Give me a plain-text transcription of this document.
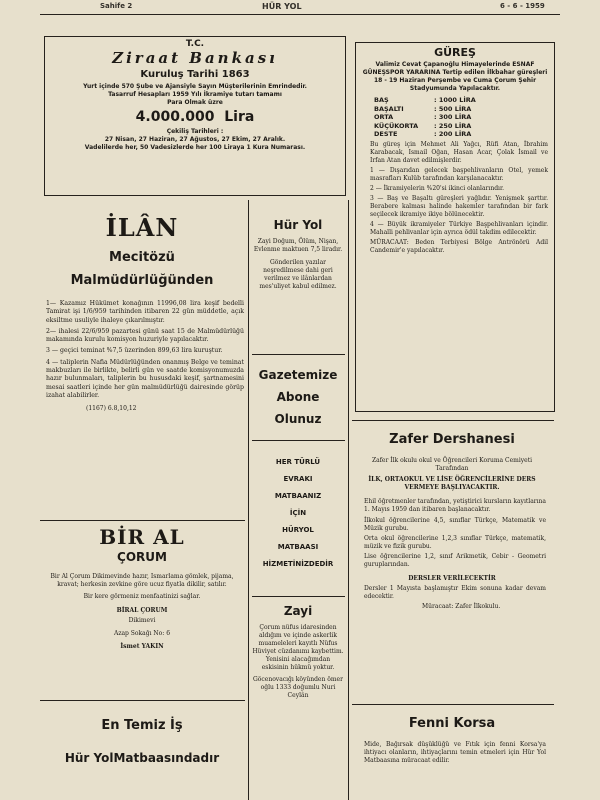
Sahife 2	HÜR YOL	6 - 6 - 1959
T.C.
Ziraat Bankası
Kuruluş Tarihi 1863
Yurt içinde 570 Şube ve Ajansiyle Sayın Müşterilerinin Emrindedir.
Tasarruf Hesapları 1959 Yılı İkramiye tutarı tamamı
Para Olmak üzre
4.000.000 Lira
Çekiliş Tarihleri :
27 Nisan, 27 Haziran, 27 Ağustos, 27 Ekim, 27 Aralık.
Vadelilerde her, 50 Vadesizlerde her 100 Liraya 1 Kura Numarası.
GÜREŞ
Valimiz Cevat Çapanoğlu Himayelerinde ESNAF GÜNEŞSPOR YARARINA Tertip edilen İlkbahar güreşleri 18 - 19 Haziran Perşembe ve Cuma Çorum Şehir Stadyumunda Yapılacaktır.
BAŞ	: 1000 LİRA
BAŞALTI	: 500 LİRA
ORTA	: 300 LİRA
KÜÇÜKORTA	: 250 LİRA
DESTE	: 200 LİRA
Bu güreş için Mehmet Ali Yağcı, Rüfi Atan, İbrahim Karabacak, Ismail Oğan, Hasan Acar, Çolak İsmail ve Irfan Atan davet edilmişlerdir.
1 — Dışarıdan gelecek başpehlivanların Otel, yemek masrafları Kulüb tarafından karşılanacaktır.
2 — İkramiyelerin %20'si ikinci olanlarındır.
3 — Baş ve Başaltı güreşleri yağlıdır. Yenişmek şarttır. Berabere kalması halinde hakemler tarafından bir fark seçilecek ikramiye ikiye bölünecektir.
4 — Büyük ikramiyeler Türkiye Başpehlivanları içindir. Mahalli pehlivanlar için ayrıca ödül takdim edilecektir.
MÜRACAAT: Beden Terbiyesi Bölge Antrönörü Adil Candemir'e yapılacaktır.
İLÂN
Mecitözü
Malmüdürlüğünden
1— Kazamız Hükümet konağının 11996,08 lira keşif bedelli Tamirat işi 1/6/959 tarihinden itibaren 22 gün müddetle, açık eksiltme usuliyle ihaleye çıkarılmıştır.
2— ihalesi 22/6/959 pazartesi günü saat 15 de Malmüdürlüğü makamında kurulu komisyon huzuriyle yapılacaktır.
3 — geçici teminat %7,5 üzerinden 899,63 lira kuruştur.
4 — taliplerin Nafia Müdürlüğünden onanmış Belge ve teminat makbuzları ile birlikte, belirli gün ve saatde komisyonumuzda hazır bulunmaları, taliplerin bu hususdaki keşif, şartnamesini mesai saatleri içinde her gün malmüdürlüğü dairesinde görüp izahat alabilirler.
(1167) 6.8,10,12
BİR AL
ÇORUM
Bir Al Çorum Dikimevinde hazır, Ismarlama gömlek, pijama, kravat; herkesin zevkine göre ucuz fiyatla dikilir, satılır.
Bir kere görmeniz menfaatinizi sağlar.
BİRAL ÇORUM
Dikimevi
Azap Sokağı No: 6
İsmet YAKIN
En Temiz İş
Hür YolMatbaasındadır
Hür Yol
Zayi Doğum, Ölüm, Nişan, Evlenme maktuen 7,5 liradır.
Gönderilen yazılar neşredilmese dahi geri verilmez ve ilânlardan mes'uliyet kabul edilmez.
Gazetemize
Abone
Olunuz
HER TÜRLÜ
EVRAKI
MATBAANIZ
İÇİN
HÜRYOL
MATBAASI
HİZMETİNİZDEDİR
Zayi
Çorum nüfus idaresinden aldığım ve içinde askerlik muameleleri kayıtlı Nüfus Hüviyet cüzdanımı kaybettim. Yenisini alacağımdan eskisinin hükmü yoktur.
Göcenovacığı köyünden ömer oğlu 1333 doğumlu Nuri Ceylân
Zafer Dershanesi
Zafer İlk okulu okul ve Öğrencileri Koruma Cemiyeti Tarafından
İLK, ORTAOKUL VE LİSE ÖĞRENCİLERİNE DERS VERMEYE BAŞLIYACAKTIR.
Ehil öğretmenler tarafından, yetiştirici kursların kayıtlarına 1. Mayıs 1959 dan itibaren başlanacaktır.
İlkokul öğrencilerine 4,5, sınıflar Türkçe, Matematik ve Müzik gurubu.
Orta okul öğrencilerine 1,2,3 sınıflar Türkçe, matematik, müzik ve fizik gurubu.
Lise öğrencilerine 1,2, sınıf Arikmetik, Cebir - Geometri guruplarından.
DERSLER VERİLECEKTİR
Dersler 1 Mayısta başlamıştır Ekim sonuna kadar devam edecektir.
Müracaat: Zafer İlkokulu.
Fenni Korsa
Mide, Bağırsak düşüklüğü ve Fıtık için fenni Korsa'ya ihtiyacı olanların, ihtiyaçlarını temin etmeleri için Hür Yol Matbaasına müracaat edilir.
